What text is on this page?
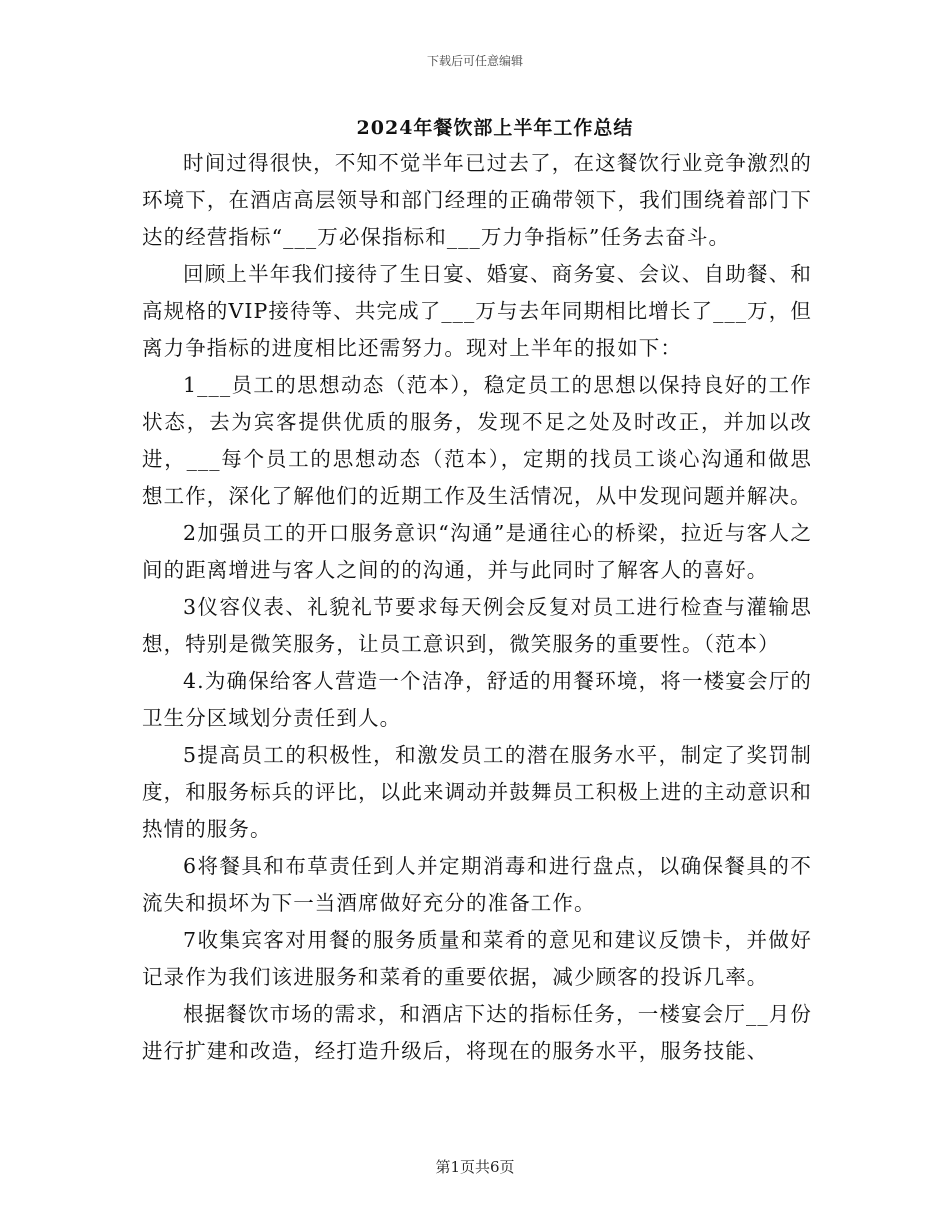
下载后可任意编辑
2024年餐饮部上半年工作总结

时间过得很快，不知不觉半年已过去了，在这餐饮行业竞争激烈的环境下，在酒店高层领导和部门经理的正确带领下，我们围绕着部门下达的经营指标“___万必保指标和___万力争指标”任务去奋斗。

回顾上半年我们接待了生日宴、婚宴、商务宴、会议、自助餐、和高规格的VIP接待等、共完成了___万与去年同期相比增长了___万，但离力争指标的进度相比还需努力。现对上半年的报如下：

1___员工的思想动态（范本），稳定员工的思想以保持良好的工作状态，去为宾客提供优质的服务，发现不足之处及时改正，并加以改进，___每个员工的思想动态（范本），定期的找员工谈心沟通和做思想工作，深化了解他们的近期工作及生活情况，从中发现问题并解决。

2加强员工的开口服务意识“沟通”是通往心的桥梁，拉近与客人之间的距离增进与客人之间的的沟通，并与此同时了解客人的喜好。

3仪容仪表、礼貌礼节要求每天例会反复对员工进行检查与灌输思想，特别是微笑服务，让员工意识到，微笑服务的重要性。（范本）

4.为确保给客人营造一个洁净，舒适的用餐环境，将一楼宴会厅的卫生分区域划分责任到人。

5提高员工的积极性，和激发员工的潜在服务水平，制定了奖罚制度，和服务标兵的评比，以此来调动并鼓舞员工积极上进的主动意识和热情的服务。

6将餐具和布草责任到人并定期消毒和进行盘点，以确保餐具的不流失和损坏为下一当酒席做好充分的准备工作。

7收集宾客对用餐的服务质量和菜肴的意见和建议反馈卡，并做好记录作为我们该进服务和菜肴的重要依据，减少顾客的投诉几率。

根据餐饮市场的需求，和酒店下达的指标任务，一楼宴会厅__月份进行扩建和改造，经打造升级后，将现在的服务水平，服务技能、

第1页共6页
